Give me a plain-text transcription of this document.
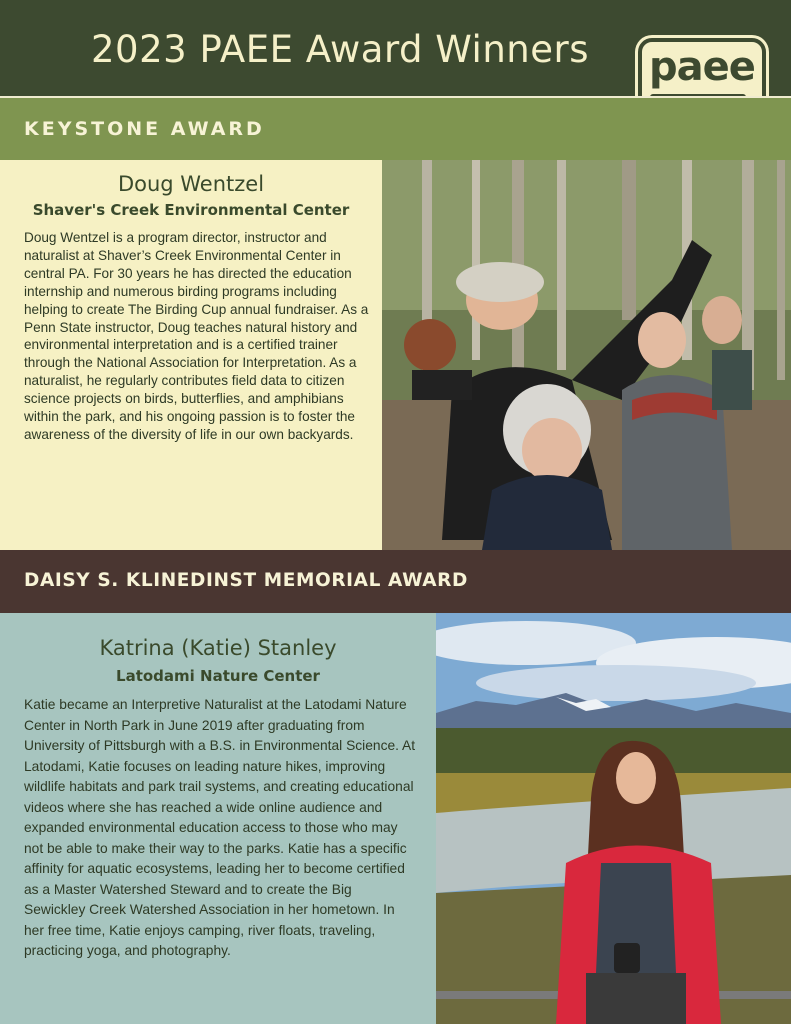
2023 PAEE Award Winners	paee
KEYSTONE AWARD
Doug Wentzel
Shaver's Creek Environmental Center
Doug Wentzel is a program director, instructor and naturalist at Shaver’s Creek Environmental Center in central PA. For 30 years he has directed the education internship and numerous birding programs including helping to create The Birding Cup annual fundraiser. As a Penn State instructor, Doug teaches natural history and environmental interpretation and is a certified trainer through the National Association for Interpretation. As a naturalist, he regularly contributes field data to citizen science projects on birds, butterflies, and amphibians within the park, and his ongoing passion is to foster the awareness of the diversity of life in our own backyards.
DAISY S. KLINEDINST MEMORIAL AWARD
Katrina (Katie) Stanley
Latodami Nature Center
Katie became an Interpretive Naturalist at the Latodami Nature Center in North Park in June 2019 after graduating from University of Pittsburgh with a B.S. in Environmental Science. At Latodami, Katie focuses on leading nature hikes, improving wildlife habitats and park trail systems, and creating educational videos where she has reached a wide online audience and expanded environmental education access to those who may not be able to make their way to the parks. Katie has a specific affinity for aquatic ecosystems, leading her to become certified as a Master Watershed Steward and to create the Big Sewickley Creek Watershed Association in her hometown. In her free time, Katie enjoys camping, river floats, traveling, practicing yoga, and photography.
